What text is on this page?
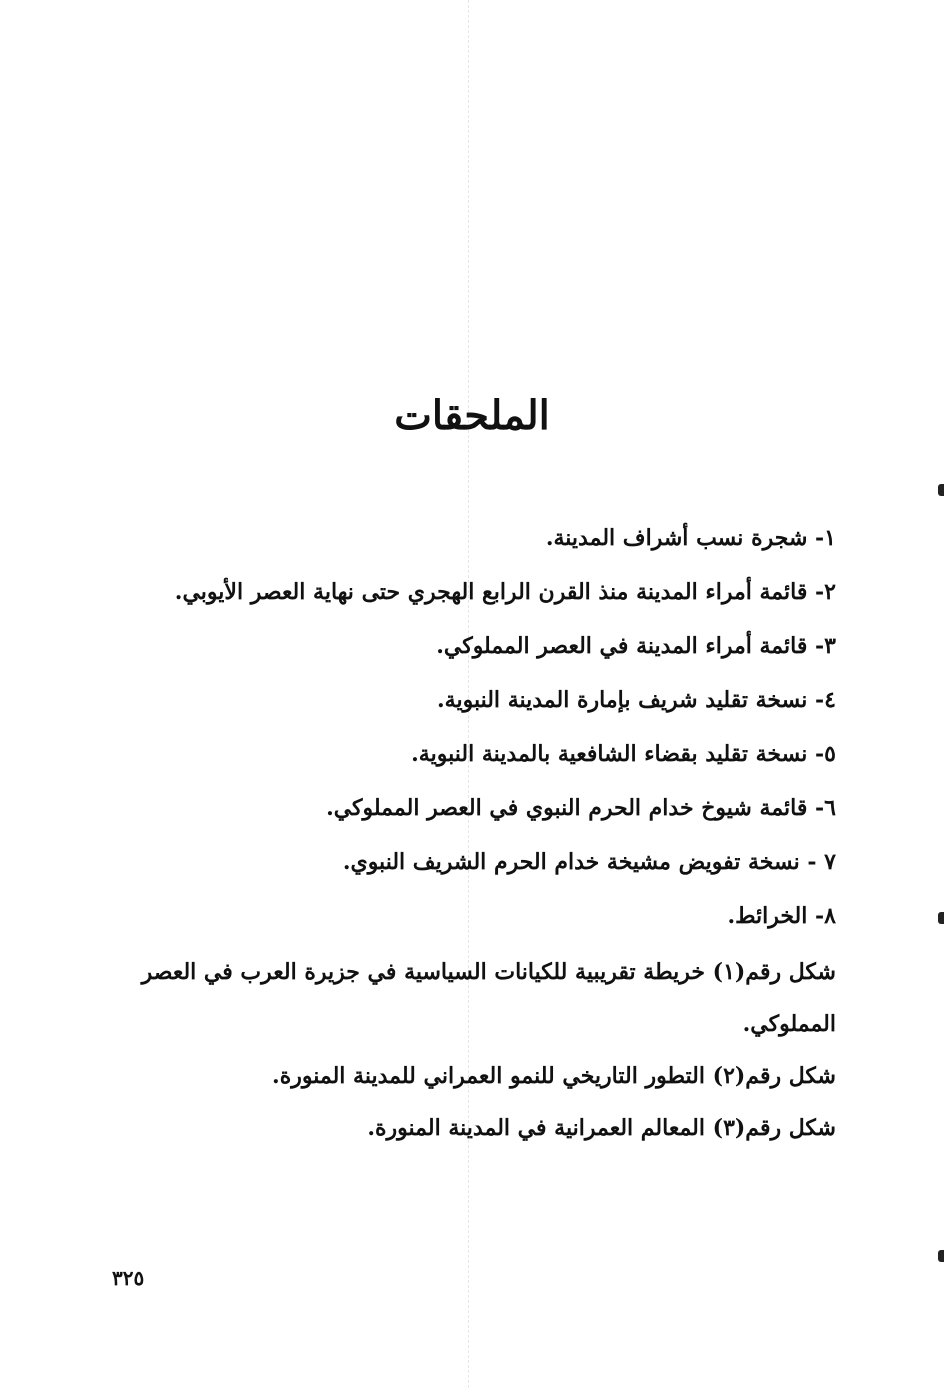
الملحقات
١- شجرة نسب أشراف المدينة.
٢- قائمة أمراء المدينة منذ القرن الرابع الهجري حتى نهاية العصر الأيوبي.
٣- قائمة أمراء المدينة في العصر المملوكي.
٤- نسخة تقليد شريف بإمارة المدينة النبوية.
٥- نسخة تقليد بقضاء الشافعية بالمدينة النبوية.
٦- قائمة شيوخ خدام الحرم النبوي في العصر المملوكي.
٧ - نسخة تفويض مشيخة خدام الحرم الشريف النبوي.
٨- الخرائط.
شكل رقم(١) خريطة تقريبية للكيانات السياسية في جزيرة العرب في العصر المملوكي.
شكل رقم(٢) التطور التاريخي للنمو العمراني للمدينة المنورة.
شكل رقم(٣) المعالم العمرانية في المدينة المنورة.
٣٢٥
